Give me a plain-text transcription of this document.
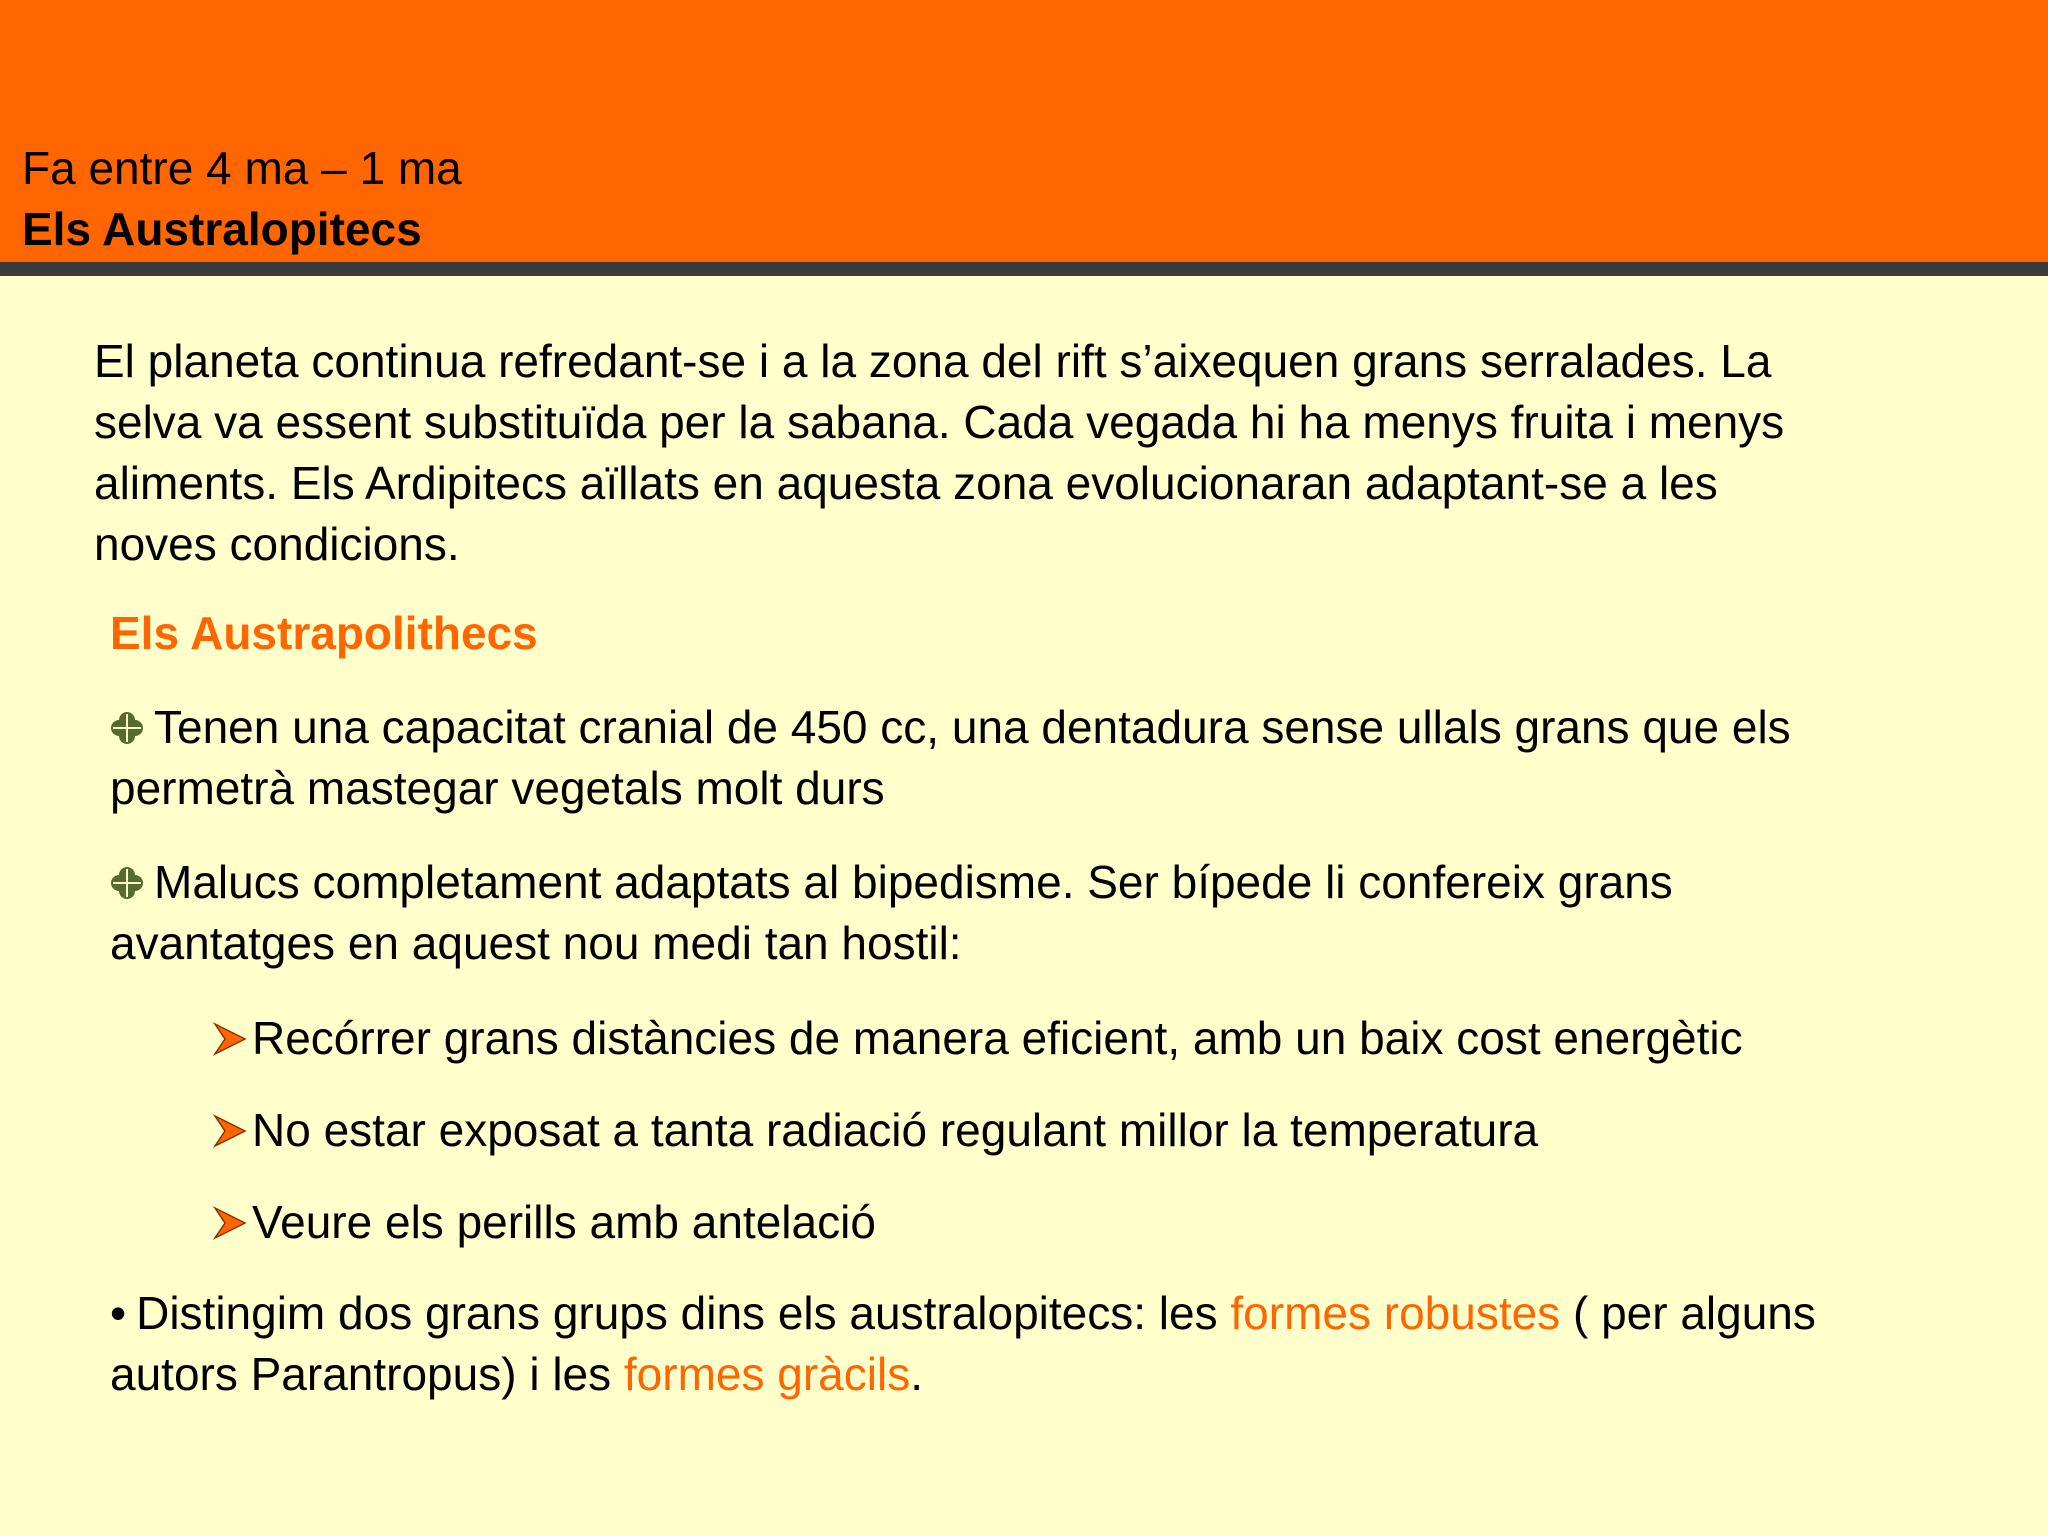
Fa entre 4 ma – 1 ma
Els Australopitecs
El planeta continua refredant-se i a la zona del rift s’aixequen grans serralades. La
selva va essent substituïda per la sabana. Cada vegada hi ha menys fruita i menys
aliments. Els Ardipitecs aïllats en aquesta zona evolucionaran adaptant-se a les
noves condicions.
Els Austrapolithecs
Tenen una capacitat cranial de 450 cc, una dentadura sense ullals grans que els
permetrà mastegar vegetals molt durs
Malucs completament adaptats al bipedisme. Ser bípede li confereix grans
avantatges en aquest nou medi tan hostil:
Recórrer grans distàncies de manera eficient, amb un baix cost energètic
No estar exposat a tanta radiació regulant millor la temperatura
Veure els perills amb antelació
• Distingim dos grans grups dins els australopitecs: les formes robustes ( per alguns
autors Parantropus) i les formes gràcils.
